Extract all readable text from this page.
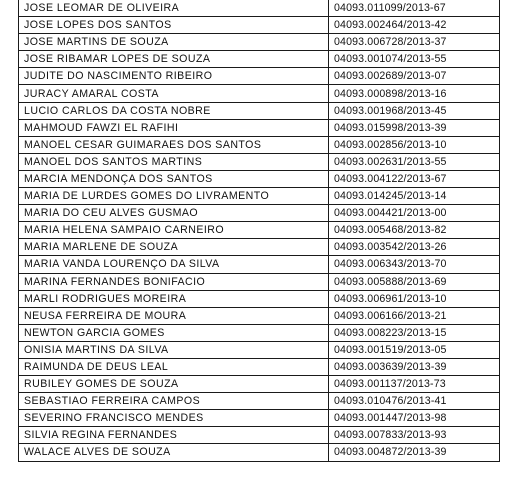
JOSE LEOMAR DE OLIVEIRA	04093.011099/2013-67
JOSE LOPES DOS SANTOS	04093.002464/2013-42
JOSE MARTINS DE SOUZA	04093.006728/2013-37
JOSE RIBAMAR LOPES DE SOUZA	04093.001074/2013-55
JUDITE DO NASCIMENTO RIBEIRO	04093.002689/2013-07
JURACY AMARAL COSTA	04093.000898/2013-16
LUCIO CARLOS DA COSTA NOBRE	04093.001968/2013-45
MAHMOUD FAWZI EL RAFIHI	04093.015998/2013-39
MANOEL CESAR GUIMARAES DOS SANTOS	04093.002856/2013-10
MANOEL DOS SANTOS MARTINS	04093.002631/2013-55
MARCIA MENDONÇA DOS SANTOS	04093.004122/2013-67
MARIA DE LURDES GOMES DO LIVRAMENTO	04093.014245/2013-14
MARIA DO CEU ALVES GUSMAO	04093.004421/2013-00
MARIA HELENA SAMPAIO CARNEIRO	04093.005468/2013-82
MARIA MARLENE DE SOUZA	04093.003542/2013-26
MARIA VANDA LOURENÇO DA SILVA	04093.006343/2013-70
MARINA FERNANDES BONIFACIO	04093.005888/2013-69
MARLI RODRIGUES MOREIRA	04093.006961/2013-10
NEUSA FERREIRA DE MOURA	04093.006166/2013-21
NEWTON GARCIA GOMES	04093.008223/2013-15
ONISIA MARTINS DA SILVA	04093.001519/2013-05
RAIMUNDA DE DEUS LEAL	04093.003639/2013-39
RUBILEY GOMES DE SOUZA	04093.001137/2013-73
SEBASTIAO FERREIRA CAMPOS	04093.010476/2013-41
SEVERINO FRANCISCO MENDES	04093.001447/2013-98
SILVIA REGINA FERNANDES	04093.007833/2013-93
WALACE ALVES DE SOUZA	04093.004872/2013-39
